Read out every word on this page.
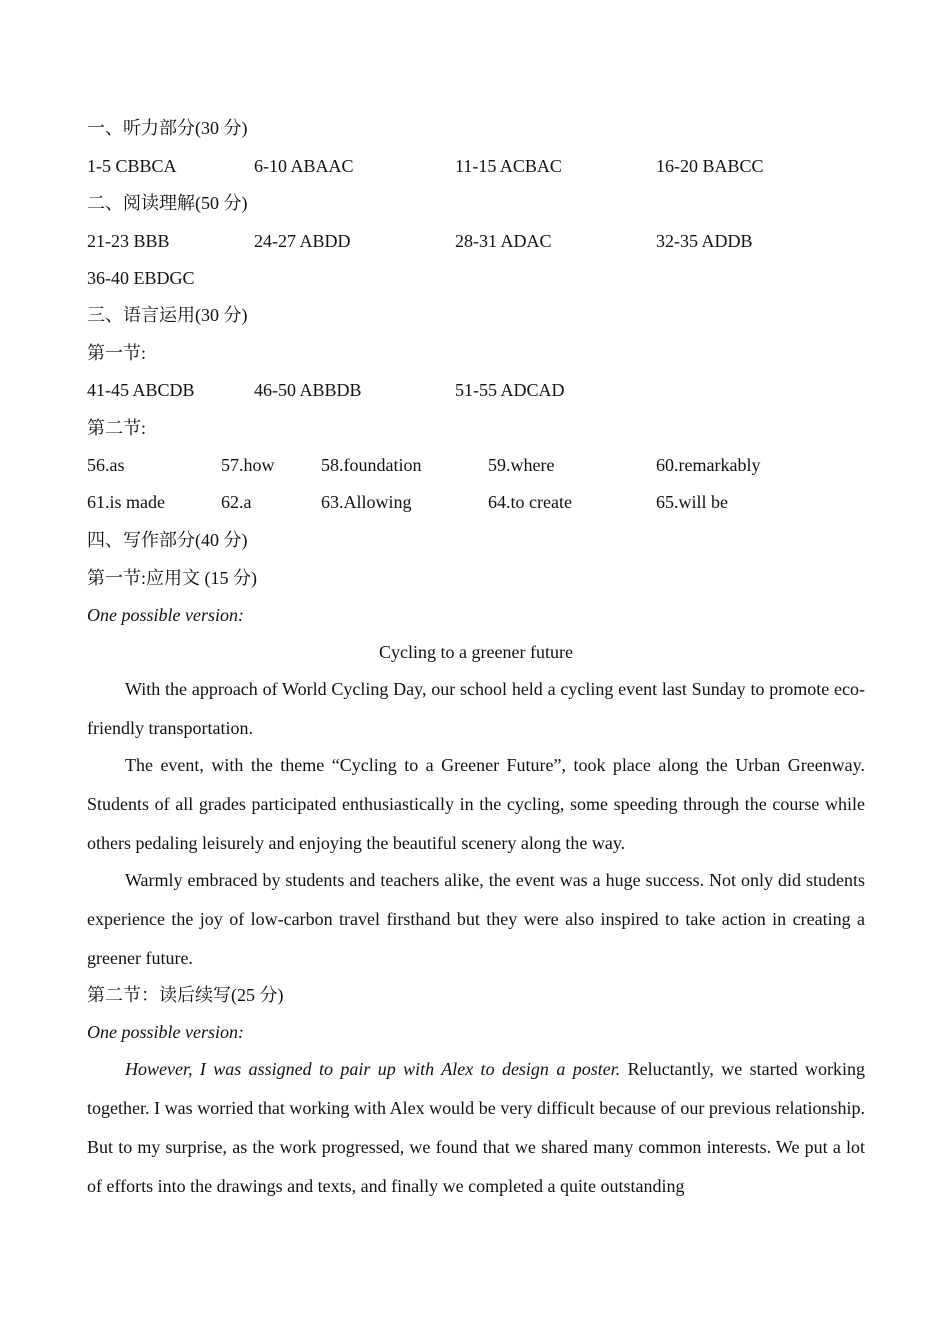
一、听力部分(30 分)
1-5 CBBCA	6-10 ABAAC	11-15 ACBAC	16-20 BABCC
二、阅读理解(50 分)
21-23 BBB	24-27 ABDD	28-31 ADAC	32-35 ADDB
36-40 EBDGC
三、语言运用(30 分)
第一节:
41-45 ABCDB	46-50 ABBDB	51-55 ADCAD
第二节:
56.as	57.how	58.foundation	59.where	60.remarkably
61.is made	62.a	63.Allowing	64.to create	65.will be
四、写作部分(40 分)
第一节:应用文 (15 分)
One possible version:
Cycling to a greener future
With the approach of World Cycling Day, our school held a cycling event last Sunday to promote eco-friendly transportation.
The event, with the theme “Cycling to a Greener Future”, took place along the Urban Greenway. Students of all grades participated enthusiastically in the cycling, some speeding through the course while others pedaling leisurely and enjoying the beautiful scenery along the way.
Warmly embraced by students and teachers alike, the event was a huge success. Not only did students experience the joy of low-carbon travel firsthand but they were also inspired to take action in creating a greener future.
第二节：读后续写(25 分)
One possible version:
However, I was assigned to pair up with Alex to design a poster. Reluctantly, we started working together. I was worried that working with Alex would be very difficult because of our previous relationship. But to my surprise, as the work progressed, we found that we shared many common interests. We put a lot of efforts into the drawings and texts, and finally we completed a quite outstanding
